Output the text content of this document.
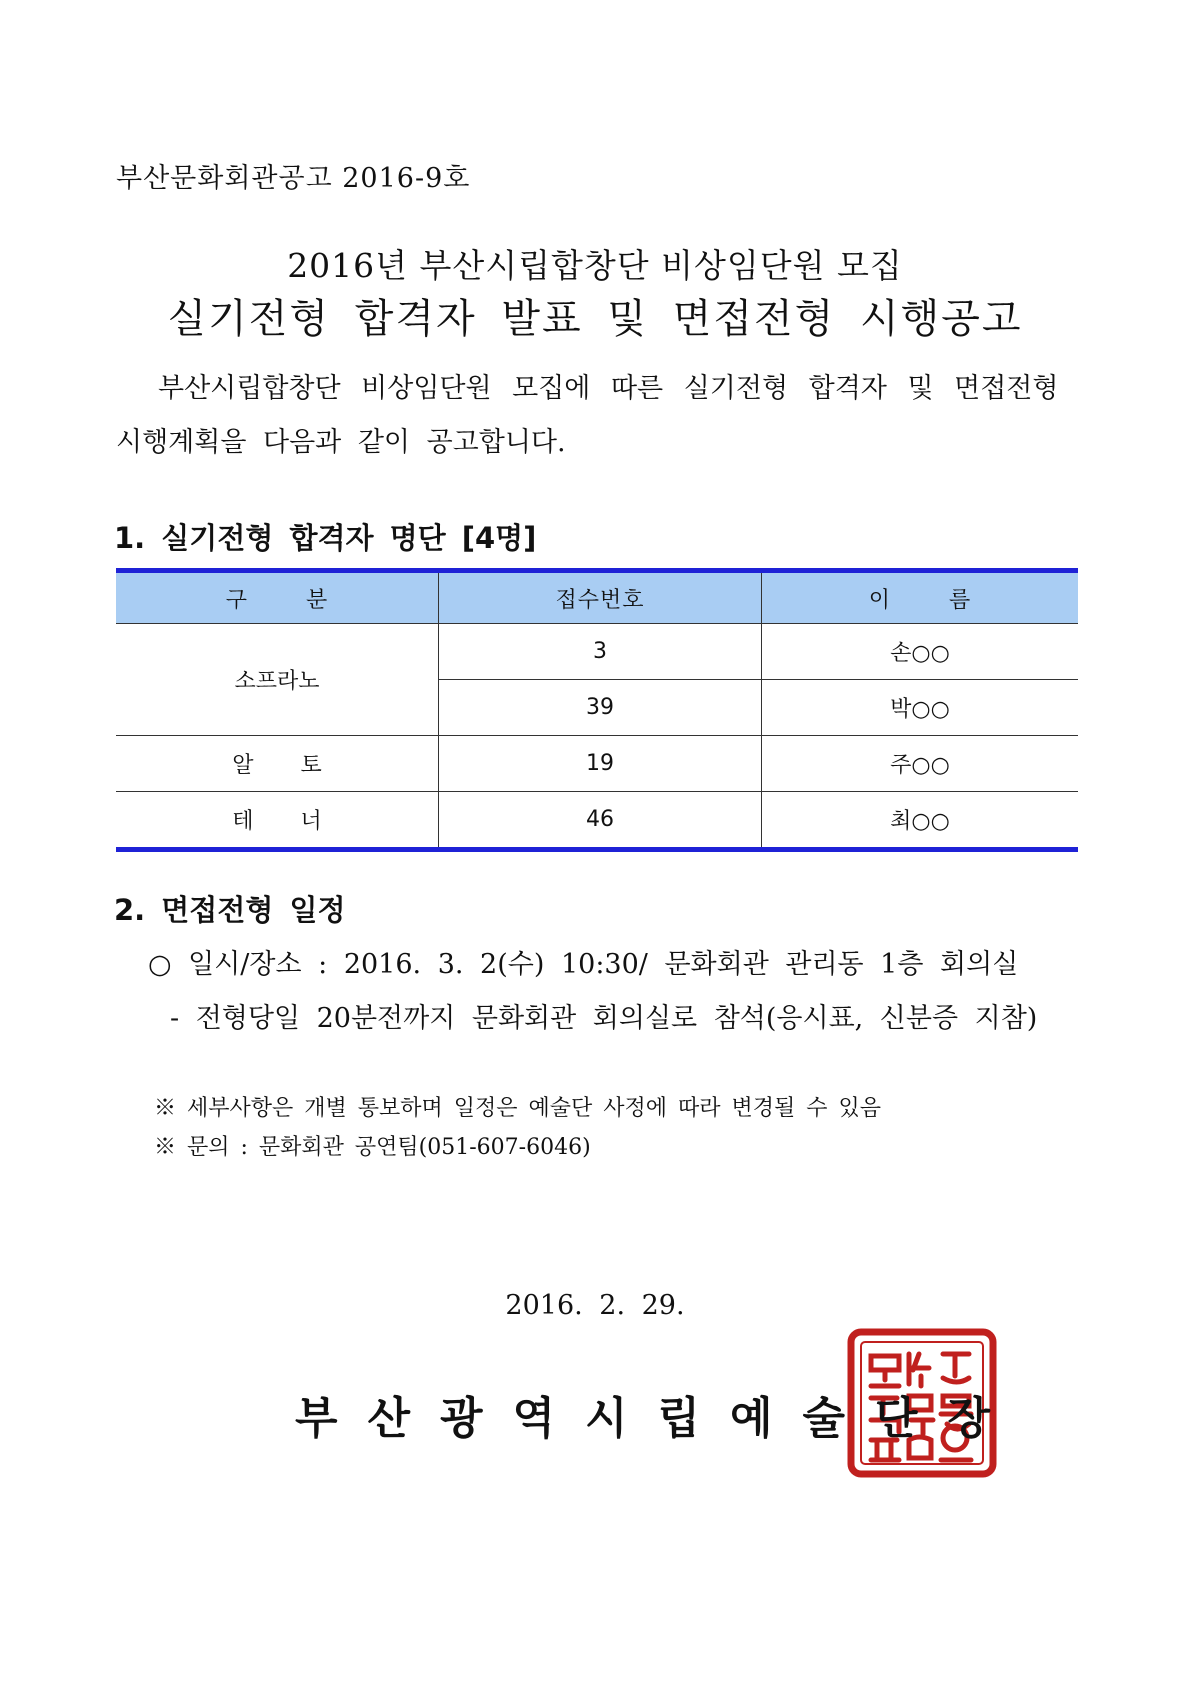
부산문화회관공고 2016-9호
2016년 부산시립합창단 비상임단원 모집
실기전형 합격자 발표 및 면접전형 시행공고
부산시립합창단 비상임단원 모집에 따른 실기전형 합격자 및 면접전형
시행계획을 다음과 같이 공고합니다.
1. 실기전형 합격자 명단 [4명]
구 분	접수번호	이 름
소프라노	3	손○○
	39	박○○
알 토	19	주○○
테 너	46	최○○
2. 면접전형 일정
○ 일시/장소 : 2016. 3. 2(수) 10:30/ 문화회관 관리동 1층 회의실
- 전형당일 20분전까지 문화회관 회의실로 참석(응시표, 신분증 지참)
※ 세부사항은 개별 통보하며 일정은 예술단 사정에 따라 변경될 수 있음
※ 문의 : 문화회관 공연팀(051-607-6046)
2016. 2. 29.
부산광역시립예술단장
